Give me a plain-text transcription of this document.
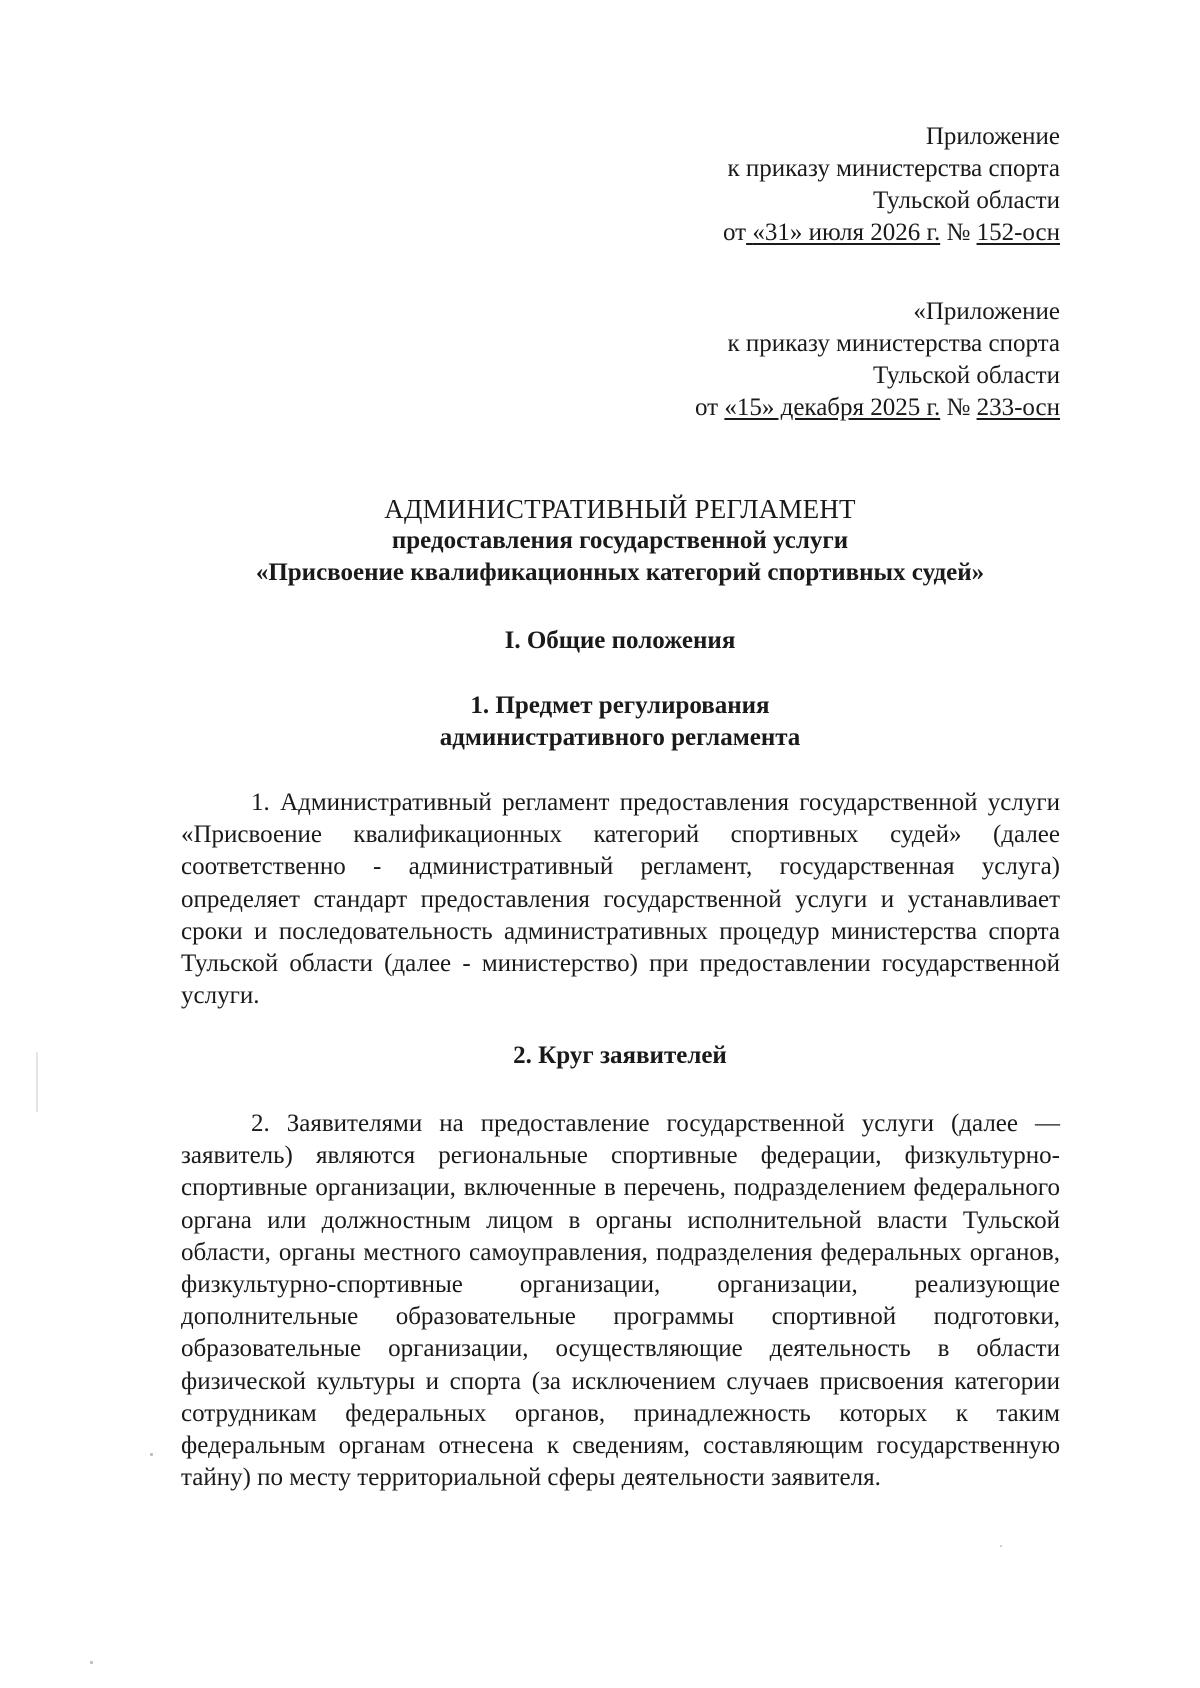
Приложение
к приказу министерства спорта
Тульской области
от «31» июля 2026 г. № 152-осн
«Приложение
к приказу министерства спорта
Тульской области
от «15» декабря 2025 г. № 233-осн
АДМИНИСТРАТИВНЫЙ РЕГЛАМЕНТ
предоставления государственной услуги
«Присвоение квалификационных категорий спортивных судей»
I. Общие положения
1. Предмет регулирования
административного регламента
1. Административный регламент предоставления государственной услуги «Присвоение квалификационных категорий спортивных судей» (далее соответственно - административный регламент, государственная услуга) определяет стандарт предоставления государственной услуги и устанавливает сроки и последовательность административных процедур министерства спорта Тульской области (далее - министерство) при предоставлении государственной услуги.
2. Круг заявителей
2. Заявителями на предоставление государственной услуги (далее — заявитель) являются региональные спортивные федерации, физкультурно-спортивные организации, включенные в перечень, подразделением федерального органа или должностным лицом в органы исполнительной власти Тульской области, органы местного самоуправления, подразделения федеральных органов, физкультурно-спортивные организации, организации, реализующие дополнительные образовательные программы спортивной подготовки, образовательные организации, осуществляющие деятельность в области физической культуры и спорта (за исключением случаев присвоения категории сотрудникам федеральных органов, принадлежность которых к таким федеральным органам отнесена к сведениям, составляющим государственную тайну) по месту территориальной сферы деятельности заявителя.
